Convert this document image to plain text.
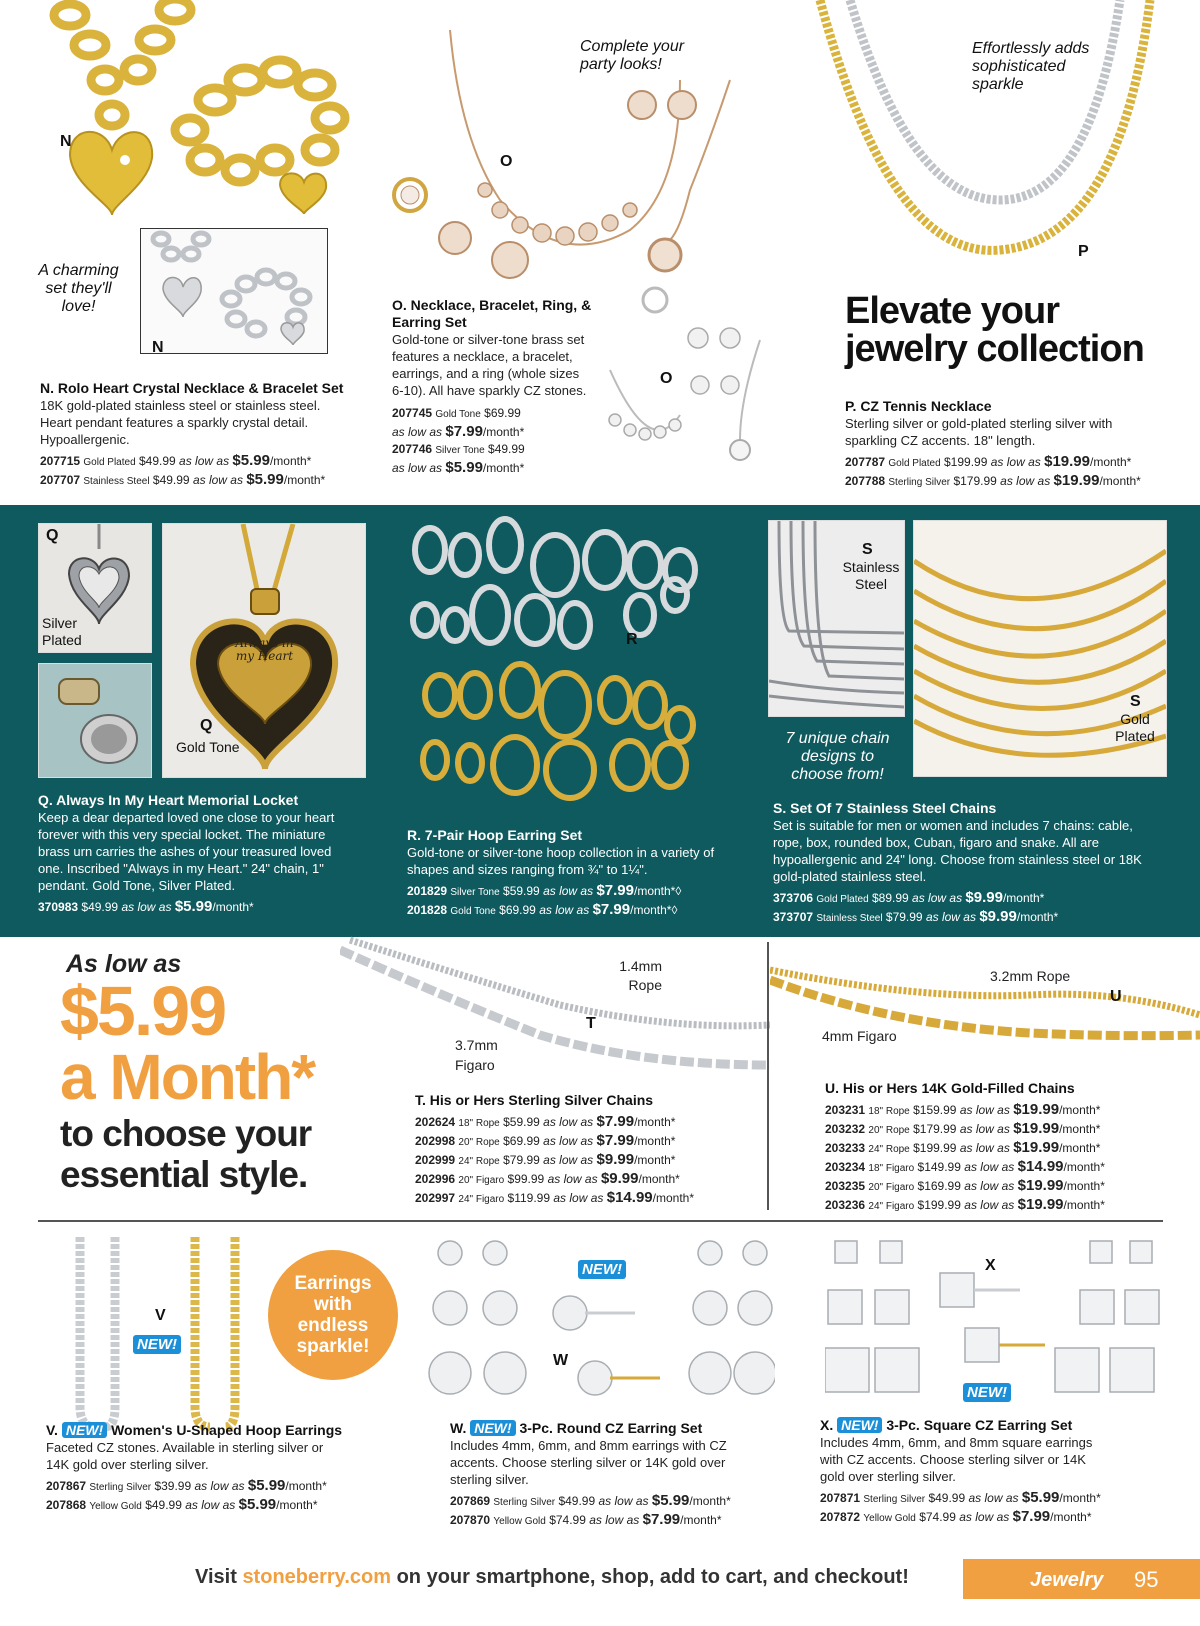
N
A charming set they'll love!
N
N. Rolo Heart Crystal Necklace & Bracelet Set
18K gold-plated stainless steel or stainless steel. Heart pendant features a sparkly crystal detail. Hypoallergenic.
207715 Gold Plated $49.99 as low as $5.99/month*
207707 Stainless Steel $49.99 as low as $5.99/month*
Complete your party looks!
O
O
O. Necklace, Bracelet, Ring, & Earring Set
Gold-tone or silver-tone brass set features a necklace, a bracelet, earrings, and a ring (whole sizes 6-10). All have sparkly CZ stones.
207745 Gold Tone $69.99
as low as $7.99/month*
207746 Silver Tone $49.99
as low as $5.99/month*
Effortlessly adds sophisticated sparkle
P
Elevate your jewelry collection
P. CZ Tennis Necklace
Sterling silver or gold-plated sterling silver with sparkling CZ accents. 18" length.
207787 Gold Plated $199.99 as low as $19.99/month*
207788 Sterling Silver $179.99 as low as $19.99/month*
Q
Silver Plated	Always in my Heart
Q
Gold Tone
Q. Always In My Heart Memorial Locket
Keep a dear departed loved one close to your heart forever with this very special locket. The miniature brass urn carries the ashes of your treasured loved one. Inscribed "Always in my Heart." 24" chain, 1" pendant. Gold Tone, Silver Plated.
370983 $49.99 as low as $5.99/month*
R
R. 7-Pair Hoop Earring Set
Gold-tone or silver-tone hoop collection in a variety of shapes and sizes ranging from ¾" to 1¼".
201829 Silver Tone $59.99 as low as $7.99/month*◊
201828 Gold Tone $69.99 as low as $7.99/month*◊
S
Stainless Steel
S
Gold Plated
7 unique chain designs to choose from!
S. Set Of 7 Stainless Steel Chains
Set is suitable for men or women and includes 7 chains: cable, rope, box, rounded box, Cuban, figaro and snake. All are hypoallergenic and 24" long. Choose from stainless steel or 18K gold-plated stainless steel.
373706 Gold Plated $89.99 as low as $9.99/month*
373707 Stainless Steel $79.99 as low as $9.99/month*
As low as
$5.99
a Month*
to choose your essential style.
1.4mm Rope
T
3.7mm Figaro
T. His or Hers Sterling Silver Chains
202624 18" Rope $59.99 as low as $7.99/month*
202998 20" Rope $69.99 as low as $7.99/month*
202999 24" Rope $79.99 as low as $9.99/month*
202996 20" Figaro $99.99 as low as $9.99/month*
202997 24" Figaro $119.99 as low as $14.99/month*
3.2mm Rope
U
4mm Figaro
U. His or Hers 14K Gold-Filled Chains
203231 18" Rope $159.99 as low as $19.99/month*
203232 20" Rope $179.99 as low as $19.99/month*
203233 24" Rope $199.99 as low as $19.99/month*
203234 18" Figaro $149.99 as low as $14.99/month*
203235 20" Figaro $169.99 as low as $19.99/month*
203236 24" Figaro $199.99 as low as $19.99/month*
V
NEW!
Earrings with endless sparkle!
V. NEW! Women's U-Shaped Hoop Earrings
Faceted CZ stones. Available in sterling silver or 14K gold over sterling silver.
207867 Sterling Silver $39.99 as low as $5.99/month*
207868 Yellow Gold $49.99 as low as $5.99/month*
NEW!
W
W. NEW! 3-Pc. Round CZ Earring Set
Includes 4mm, 6mm, and 8mm earrings with CZ accents. Choose sterling silver or 14K gold over sterling silver.
207869 Sterling Silver $49.99 as low as $5.99/month*
207870 Yellow Gold $74.99 as low as $7.99/month*
X
NEW!
X. NEW! 3-Pc. Square CZ Earring Set
Includes 4mm, 6mm, and 8mm square earrings with CZ accents. Choose sterling silver or 14K gold over sterling silver.
207871 Sterling Silver $49.99 as low as $5.99/month*
207872 Yellow Gold $74.99 as low as $7.99/month*
Visit stoneberry.com on your smartphone, shop, add to cart, and checkout!	Jewelry 95
